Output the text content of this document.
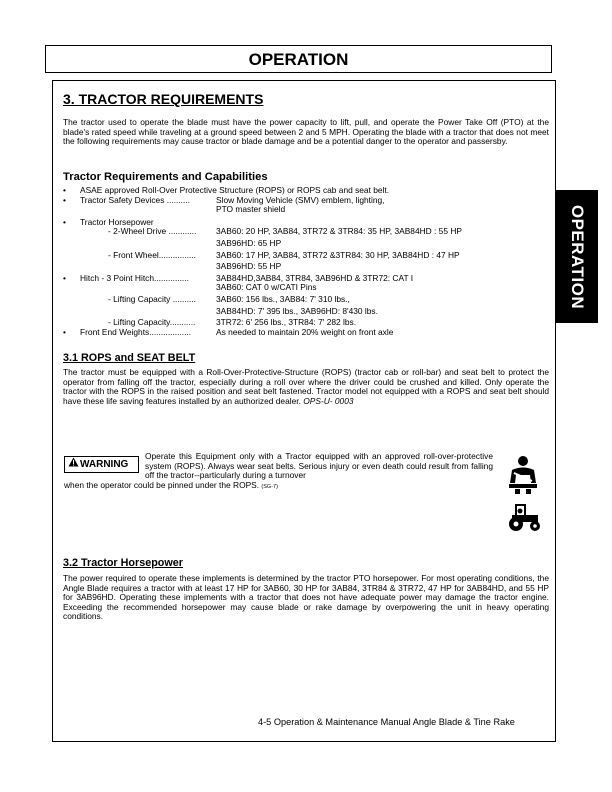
OPERATION
OPERATION
3. TRACTOR REQUIREMENTS
The tractor used to operate the blade must have the power capacity to lift, pull, and operate the Power Take Off (PTO) at the blade's rated speed while traveling at a ground speed between 2 and 5 MPH. Operating the blade with a tractor that does not meet the following requirements may cause tractor or blade damage and be a potential danger to the operator and passersby.
Tractor Requirements and Capabilities
• ASAE approved Roll-Over Protective Structure (ROPS) or ROPS cab and seat belt.
• Tractor Safety Devices ..........	Slow Moving Vehicle (SMV) emblem, lighting,
PTO master shield
• Tractor Horsepower
- 2-Wheel Drive ............ 3AB60: 20 HP, 3AB84, 3TR72 & 3TR84: 35 HP, 3AB84HD : 55 HP
3AB96HD: 65 HP
- Front Wheel................ 3AB60: 17 HP, 3AB84, 3TR72 &3TR84: 30 HP, 3AB84HD : 47 HP
3AB96HD: 55 HP
• Hitch - 3 Point Hitch...............	3AB84HD,3AB84, 3TR84, 3AB96HD & 3TR72: CAT I
3AB60: CAT 0 w/CATI Pins
- Lifting Capacity .......... 3AB60: 156 lbs., 3AB84: 7' 310 lbs.,
3AB84HD: 7' 395 lbs., 3AB96HD: 8'430 lbs.
- Lifting Capacity........... 3TR72: 6' 256 lbs., 3TR84: 7' 282 lbs.
• Front End Weights..................	As needed to maintain 20% weight on front axle
3.1 ROPS and SEAT BELT
The tractor must be equipped with a Roll-Over-Protective-Structure (ROPS) (tractor cab or roll-bar) and seat belt to protect the operator from falling off the tractor, especially during a roll over where the driver could be crushed and killed. Only operate the tractor with the ROPS in the raised position and seat belt fastened. Tractor model not equipped with a ROPS and seat belt should have these life saving features installed by an authorized dealer. OPS-U- 0003
WARNING
Operate this Equipment only with a Tractor equipped with an approved roll-over-protective system (ROPS). Always wear seat belts. Serious injury or even death could result from falling off the tractor--particularly during a turnover
when the operator could be pinned under the ROPS. (SG-7)
3.2 Tractor Horsepower
The power required to operate these implements is determined by the tractor PTO horsepower. For most operating conditions, the Angle Blade requires a tractor with at least 17 HP for 3AB60, 30 HP for 3AB84, 3TR84 & 3TR72, 47 HP for 3AB84HD, and 55 HP for 3AB96HD. Operating these implements with a tractor that does not have adequate power may damage the tractor engine. Exceeding the recommended horsepower may cause blade or rake damage by overpowering the unit in heavy operating conditions.
4-5 Operation & Maintenance Manual Angle Blade & Tine Rake
